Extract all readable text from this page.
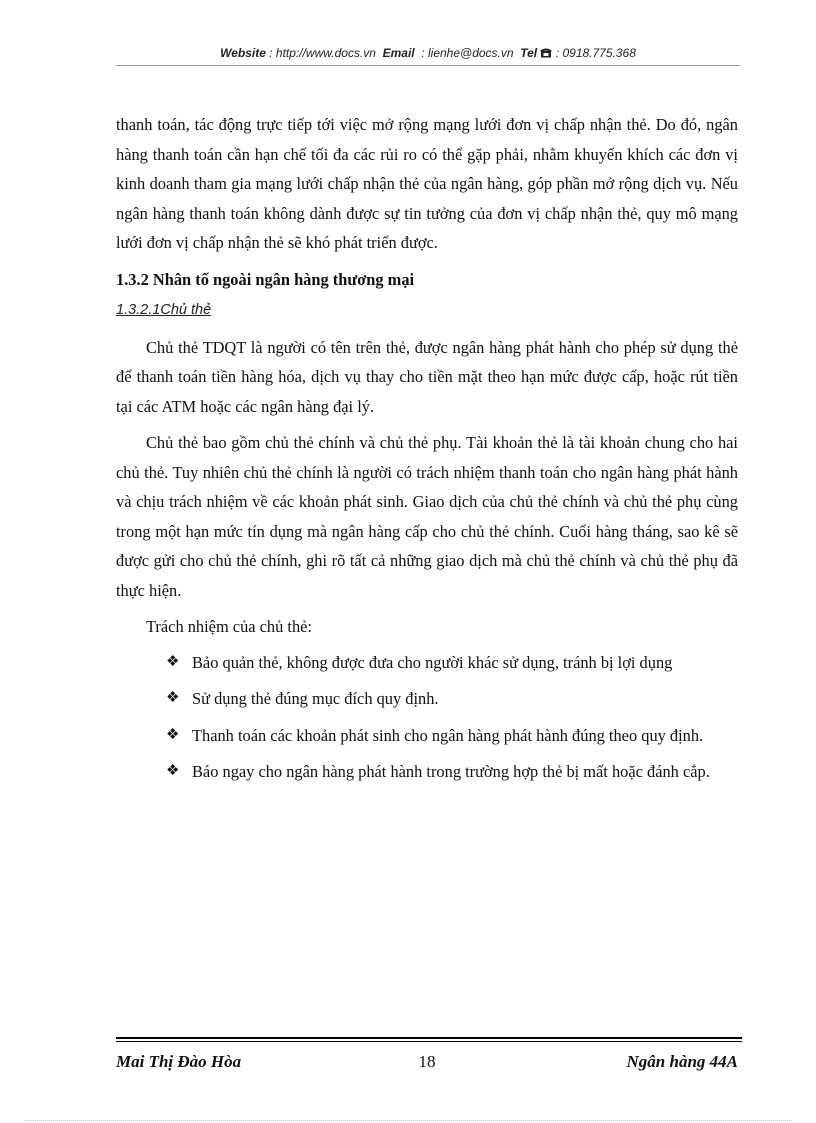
Website : http://www.docs.vn Email : lienhe@docs.vn Tel : 0918.775.368

thanh toán, tác động trực tiếp tới việc mở rộng mạng lưới đơn vị chấp nhận thẻ. Do đó, ngân hàng thanh toán cần hạn chế tối đa các rủi ro có thể gặp phải, nhằm khuyến khích các đơn vị kinh doanh tham gia mạng lưới chấp nhận thẻ của ngân hàng, góp phần mở rộng dịch vụ. Nếu ngân hàng thanh toán không dành được sự tin tưởng của đơn vị chấp nhận thẻ, quy mô mạng lưới đơn vị chấp nhận thẻ sẽ khó phát triển được.

1.3.2 Nhân tố ngoài ngân hàng thương mại

1.3.2.1Chủ thẻ

Chủ thẻ TDQT là người có tên trên thẻ, được ngân hàng phát hành cho phép sử dụng thẻ để thanh toán tiền hàng hóa, dịch vụ thay cho tiền mặt theo hạn mức được cấp, hoặc rút tiền tại các ATM hoặc các ngân hàng đại lý.

Chủ thẻ bao gồm chủ thẻ chính và chủ thẻ phụ. Tài khoản thẻ là tài khoản chung cho hai chủ thẻ. Tuy nhiên chủ thẻ chính là người có trách nhiệm thanh toán cho ngân hàng phát hành và chịu trách nhiệm về các khoản phát sinh. Giao dịch của chủ thẻ chính và chủ thẻ phụ cùng trong một hạn mức tín dụng mà ngân hàng cấp cho chủ thẻ chính. Cuối hàng tháng, sao kê sẽ được gửi cho chủ thẻ chính, ghi rõ tất cả những giao dịch mà chủ thẻ chính và chủ thẻ phụ đã thực hiện.

Trách nhiệm của chủ thẻ:

❖ Bảo quản thẻ, không được đưa cho người khác sử dụng, tránh bị lợi dụng
❖ Sử dụng thẻ đúng mục đích quy định.
❖ Thanh toán các khoản phát sinh cho ngân hàng phát hành đúng theo quy định.
❖ Báo ngay cho ngân hàng phát hành trong trường hợp thẻ bị mất hoặc đánh cắp.
Mai Thị Đào Hòa	18	Ngân hàng 44A
